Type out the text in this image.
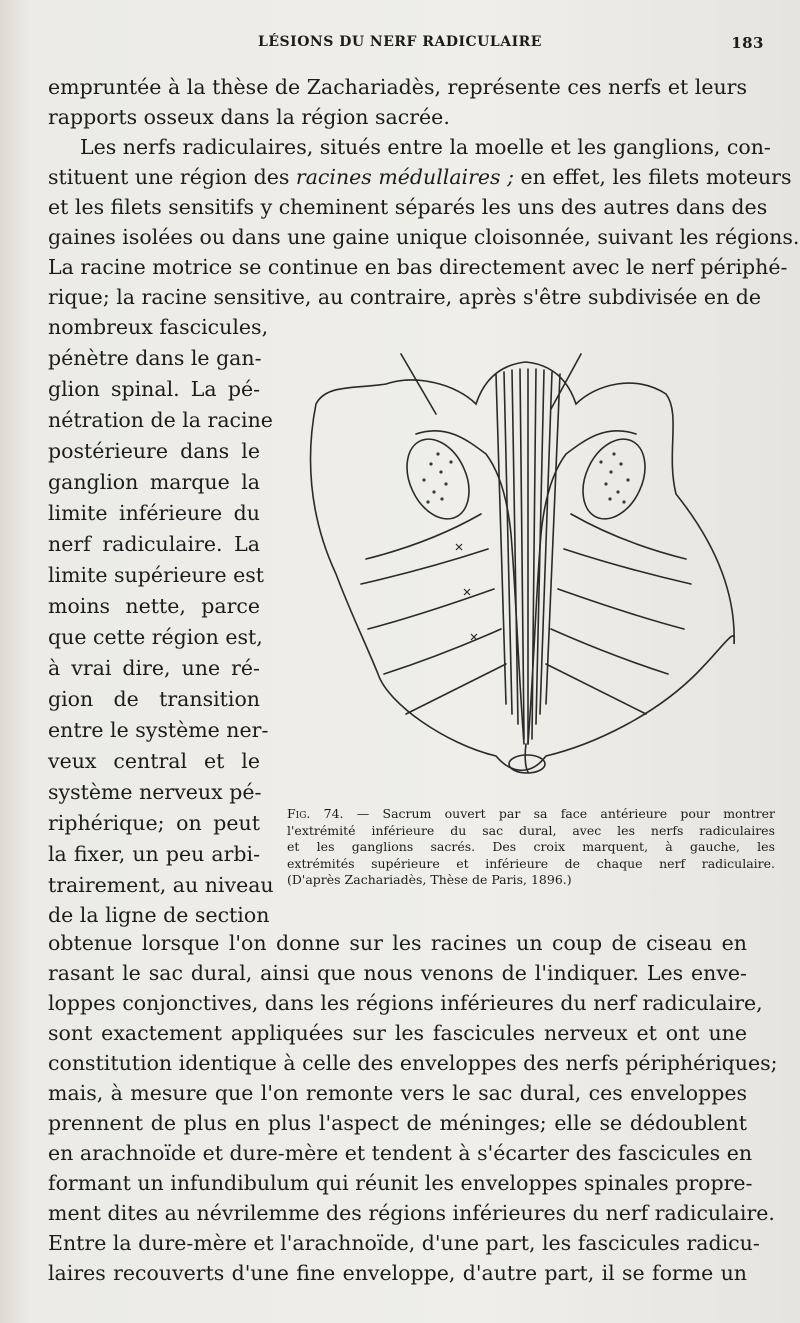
LÉSIONS DU NERF RADICULAIRE	183
empruntée à la thèse de Zachariadès, représente ces nerfs et leurs
rapports osseux dans la région sacrée.
Les nerfs radiculaires, situés entre la moelle et les ganglions, con-
stituent une région des racines médullaires ; en effet, les filets moteurs
et les filets sensitifs y cheminent séparés les uns des autres dans des
gaines isolées ou dans une gaine unique cloisonnée, suivant les régions.
La racine motrice se continue en bas directement avec le nerf périphé-
rique; la racine sensitive, au contraire, après s'être subdivisée en de
nombreux fascicules,
pénètre dans le gan-
glion spinal. La pé-
nétration de la racine
postérieure dans le
ganglion marque la
limite inférieure du
nerf radiculaire. La
limite supérieure est
moins nette, parce
que cette région est,
à vrai dire, une ré-
gion de transition
entre le système ner-
veux central et le
système nerveux pé-
riphérique; on peut
la fixer, un peu arbi-
trairement, au niveau
de la ligne de section
Fig. 74. — Sacrum ouvert par sa face antérieure pour montrer
l'extrémité inférieure du sac dural, avec les nerfs radiculaires
et les ganglions sacrés. Des croix marquent, à gauche, les
extrémités supérieure et inférieure de chaque nerf radiculaire.
(D'après Zachariadès, Thèse de Paris, 1896.)
obtenue lorsque l'on donne sur les racines un coup de ciseau en
rasant le sac dural, ainsi que nous venons de l'indiquer. Les enve-
loppes conjonctives, dans les régions inférieures du nerf radiculaire,
sont exactement appliquées sur les fascicules nerveux et ont une
constitution identique à celle des enveloppes des nerfs périphériques;
mais, à mesure que l'on remonte vers le sac dural, ces enveloppes
prennent de plus en plus l'aspect de méninges; elle se dédoublent
en arachnoïde et dure-mère et tendent à s'écarter des fascicules en
formant un infundibulum qui réunit les enveloppes spinales propre-
ment dites au névrilemme des régions inférieures du nerf radiculaire.
Entre la dure-mère et l'arachnoïde, d'une part, les fascicules radicu-
laires recouverts d'une fine enveloppe, d'autre part, il se forme un
